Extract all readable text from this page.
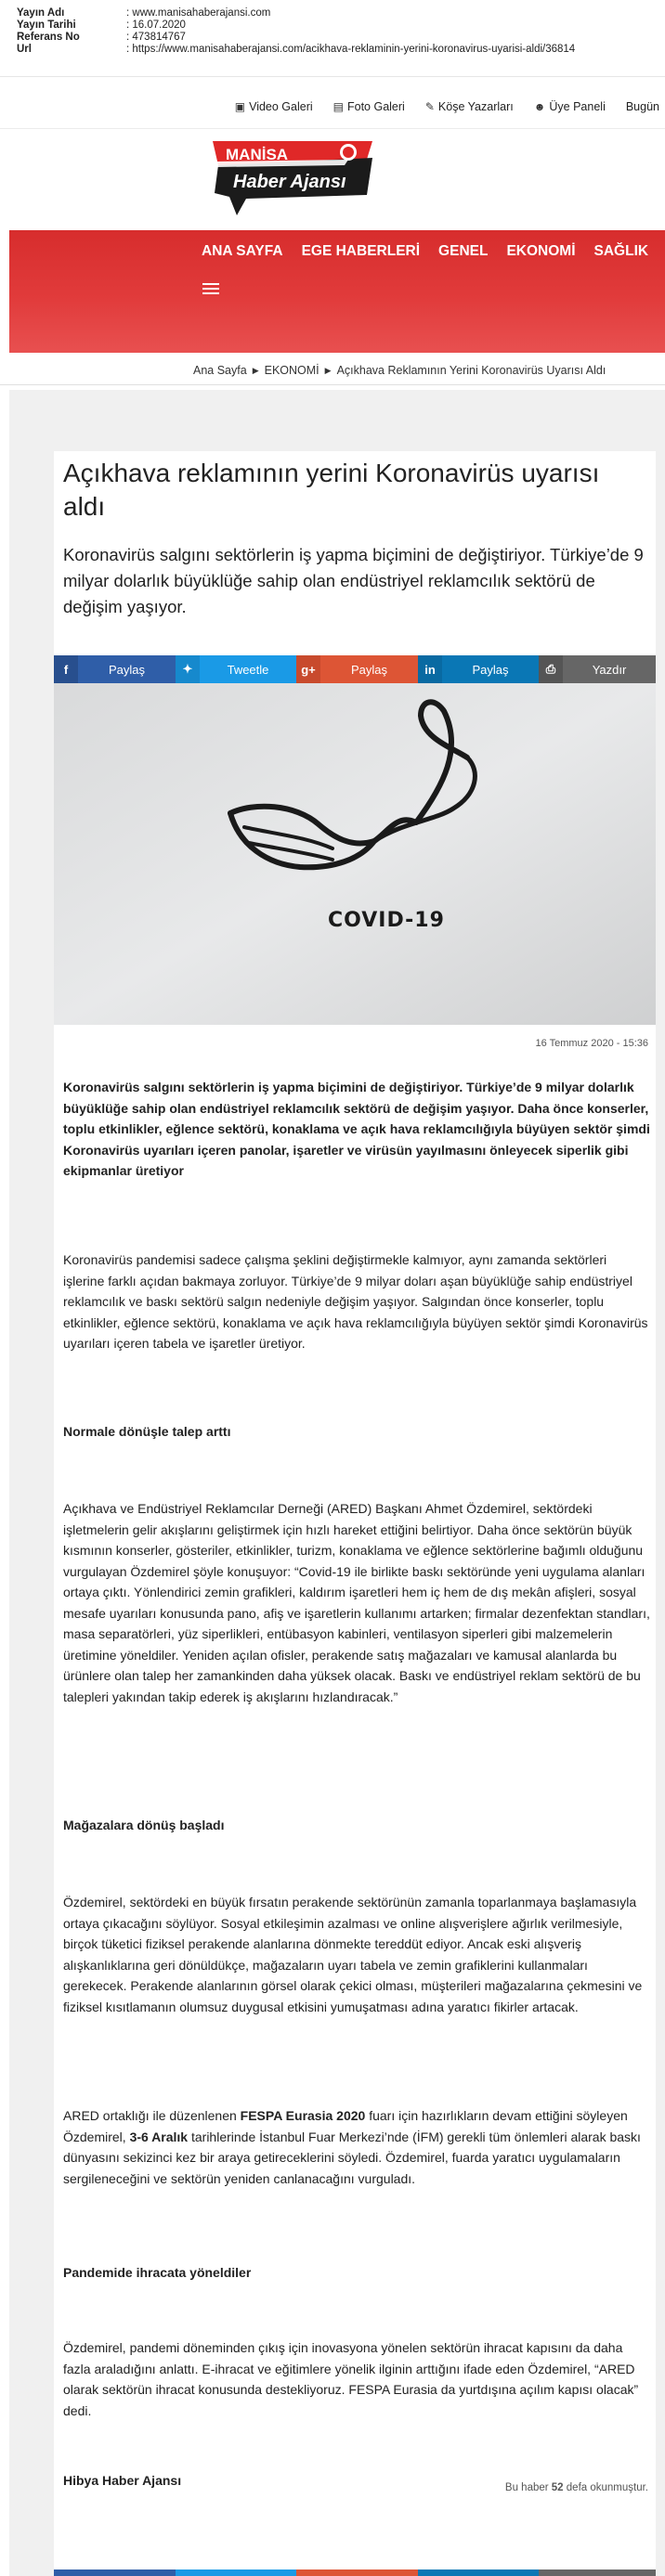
Yayın Adı	: www.manisahaberajansi.com
Yayın Tarihi	: 16.07.2020
Referans No	: 473814767
Url	: https://www.manisahaberajansi.com/acikhava-reklaminin-yerini-koronavirus-uyarisi-aldi/36814
▣ Video Galeri ▤ Foto Galeri ✎ Köşe Yazarları ☻ Üye Paneli Bugün
MANİSA
Haber Ajansı
ANA SAYFA EGE HABERLERİ GENEL EKONOMİ SAĞLIK
Ana Sayfa ▶ EKONOMİ ▶ Açıkhava Reklamının Yerini Koronavirüs Uyarısı Aldı
Açıkhava reklamının yerini Koronavirüs uyarısı aldı

Koronavirüs salgını sektörlerin iş yapma biçimini de değiştiriyor. Türkiye’de 9 milyar dolarlık büyüklüğe sahip olan endüstriyel reklamcılık sektörü de değişim yaşıyor.

f	Paylaş	✦	Tweetle	g+	Paylaş	in	Paylaş	⎙	Yazdır
COVID-19
16 Temmuz 2020 - 15:36

Koronavirüs salgını sektörlerin iş yapma biçimini de değiştiriyor. Türkiye’de 9 milyar dolarlık büyüklüğe sahip olan endüstriyel reklamcılık sektörü de değişim yaşıyor. Daha önce konserler, toplu etkinlikler, eğlence sektörü, konaklama ve açık hava reklamcılığıyla büyüyen sektör şimdi Koronavirüs uyarıları içeren panolar, işaretler ve virüsün yayılmasını önleyecek siperlik gibi ekipmanlar üretiyor

Koronavirüs pandemisi sadece çalışma şeklini değiştirmekle kalmıyor, aynı zamanda sektörleri işlerine farklı açıdan bakmaya zorluyor. Türkiye’de 9 milyar doları aşan büyüklüğe sahip endüstriyel reklamcılık ve baskı sektörü salgın nedeniyle değişim yaşıyor. Salgından önce konserler, toplu etkinlikler, eğlence sektörü, konaklama ve açık hava reklamcılığıyla büyüyen sektör şimdi Koronavirüs uyarıları içeren tabela ve işaretler üretiyor.

Normale dönüşle talep arttı

Açıkhava ve Endüstriyel Reklamcılar Derneği (ARED) Başkanı Ahmet Özdemirel, sektördeki işletmelerin gelir akışlarını geliştirmek için hızlı hareket ettiğini belirtiyor. Daha önce sektörün büyük kısmının konserler, gösteriler, etkinlikler, turizm, konaklama ve eğlence sektörlerine bağımlı olduğunu vurgulayan Özdemirel şöyle konuşuyor: “Covid-19 ile birlikte baskı sektöründe yeni uygulama alanları ortaya çıktı. Yönlendirici zemin grafikleri, kaldırım işaretleri hem iç hem de dış mekân afişleri, sosyal mesafe uyarıları konusunda pano, afiş ve işaretlerin kullanımı artarken; firmalar dezenfektan standları, masa separatörleri, yüz siperlikleri, entübasyon kabinleri, ventilasyon siperleri gibi malzemelerin üretimine yöneldiler. Yeniden açılan ofisler, perakende satış mağazaları ve kamusal alanlarda bu ürünlere olan talep her zamankinden daha yüksek olacak. Baskı ve endüstriyel reklam sektörü de bu talepleri yakından takip ederek iş akışlarını hızlandıracak.”

Mağazalara dönüş başladı

Özdemirel, sektördeki en büyük fırsatın perakende sektörünün zamanla toparlanmaya başlamasıyla ortaya çıkacağını söylüyor. Sosyal etkileşimin azalması ve online alışverişlere ağırlık verilmesiyle, birçok tüketici fiziksel perakende alanlarına dönmekte tereddüt ediyor. Ancak eski alışveriş alışkanlıklarına geri dönüldükçe, mağazaların uyarı tabela ve zemin grafiklerini kullanmaları gerekecek. Perakende alanlarının görsel olarak çekici olması, müşterileri mağazalarına çekmesini ve fiziksel kısıtlamanın olumsuz duygusal etkisini yumuşatması adına yaratıcı fikirler artacak.

ARED ortaklığı ile düzenlenen FESPA Eurasia 2020 fuarı için hazırlıkların devam ettiğini söyleyen Özdemirel, 3-6 Aralık tarihlerinde İstanbul Fuar Merkezi’nde (İFM) gerekli tüm önlemleri alarak baskı dünyasını sekizinci kez bir araya getireceklerini söyledi. Özdemirel, fuarda yaratıcı uygulamaların sergileneceğini ve sektörün yeniden canlanacağını vurguladı.

Pandemide ihracata yöneldiler

Özdemirel, pandemi döneminden çıkış için inovasyona yönelen sektörün ihracat kapısını da daha fazla araladığını anlattı. E-ihracat ve eğitimlere yönelik ilginin arttığını ifade eden Özdemirel, “ARED olarak sektörün ihracat konusunda destekliyoruz. FESPA Eurasia da yurtdışına açılım kapısı olacak” dedi.

Hibya Haber Ajansı	Bu haber 52 defa okunmuştur.
